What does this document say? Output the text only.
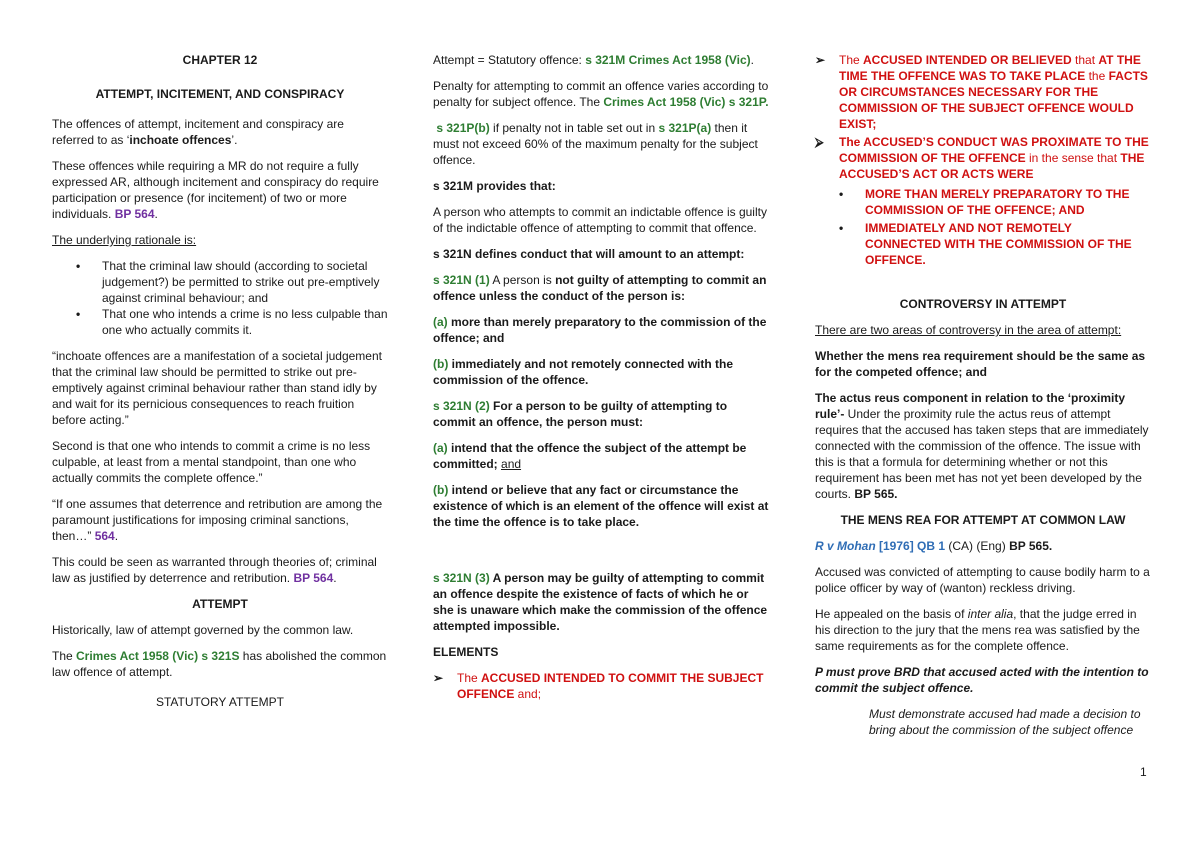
CHAPTER 12

ATTEMPT, INCITEMENT, AND CONSPIRACY

The offences of attempt, incitement and conspiracy are referred to as ‘inchoate offences’.

These offences while requiring a MR do not require a fully expressed AR, although incitement and conspiracy do require participation or presence (for incitement) of two or more individuals. BP 564.

The underlying rationale is:

• That the criminal law should (according to societal judgement?) be permitted to strike out pre-emptively against criminal behaviour; and
• That one who intends a crime is no less culpable than one who actually commits it.

“inchoate offences are a manifestation of a societal judgement that the criminal law should be permitted to strike out pre-emptively against criminal behaviour rather than stand idly by and wait for its pernicious consequences to reach fruition before acting.”

Second is that one who intends to commit a crime is no less culpable, at least from a mental standpoint, than one who actually commits the complete offence.”

“If one assumes that deterrence and retribution are among the paramount justifications for imposing criminal sanctions, then…” 564.

This could be seen as warranted through theories of; criminal law as justified by deterrence and retribution. BP 564.

ATTEMPT

Historically, law of attempt governed by the common law.

The Crimes Act 1958 (Vic) s 321S has abolished the common law offence of attempt.

STATUTORY ATTEMPT

Attempt = Statutory offence: s 321M Crimes Act 1958 (Vic).

Penalty for attempting to commit an offence varies according to penalty for subject offence. The Crimes Act 1958 (Vic) s 321P.

s 321P(b) if penalty not in table set out in s 321P(a) then it must not exceed 60% of the maximum penalty for the subject offence.

s 321M provides that:

A person who attempts to commit an indictable offence is guilty of the indictable offence of attempting to commit that offence.

s 321N defines conduct that will amount to an attempt:

s 321N (1) A person is not guilty of attempting to commit an offence unless the conduct of the person is:

(a) more than merely preparatory to the commission of the offence; and

(b) immediately and not remotely connected with the commission of the offence.

s 321N (2) For a person to be guilty of attempting to commit an offence, the person must:

(a) intend that the offence the subject of the attempt be committed; and

(b) intend or believe that any fact or circumstance the existence of which is an element of the offence will exist at the time the offence is to take place.

s 321N (3) A person may be guilty of attempting to commit an offence despite the existence of facts of which he or she is unaware which make the commission of the offence attempted impossible.

ELEMENTS

➢ The ACCUSED INTENDED TO COMMIT THE SUBJECT OFFENCE and;
➢ The ACCUSED INTENDED OR BELIEVED that AT THE TIME THE OFFENCE WAS TO TAKE PLACE the FACTS OR CIRCUMSTANCES NECESSARY FOR THE COMMISSION OF THE SUBJECT OFFENCE WOULD EXIST;
⮚ The ACCUSED’S CONDUCT WAS PROXIMATE TO THE COMMISSION OF THE OFFENCE in the sense that THE ACCUSED’S ACT OR ACTS WERE
• MORE THAN MERELY PREPARATORY TO THE COMMISSION OF THE OFFENCE; AND
• IMMEDIATELY AND NOT REMOTELY CONNECTED WITH THE COMMISSION OF THE OFFENCE.

CONTROVERSY IN ATTEMPT

There are two areas of controversy in the area of attempt:

Whether the mens rea requirement should be the same as for the competed offence; and

The actus reus component in relation to the ‘proximity rule’- Under the proximity rule the actus reus of attempt requires that the accused has taken steps that are immediately connected with the commission of the offence. The issue with this is that a formula for determining whether or not this requirement has been met has not yet been developed by the courts. BP 565.

THE MENS REA FOR ATTEMPT AT COMMON LAW

R v Mohan [1976] QB 1 (CA) (Eng) BP 565.

Accused was convicted of attempting to cause bodily harm to a police officer by way of (wanton) reckless driving.

He appealed on the basis of inter alia, that the judge erred in his direction to the jury that the mens rea was satisfied by the same requirements as for the complete offence.

P must prove BRD that accused acted with the intention to commit the subject offence.

Must demonstrate accused had made a decision to bring about the commission of the subject offence

1
